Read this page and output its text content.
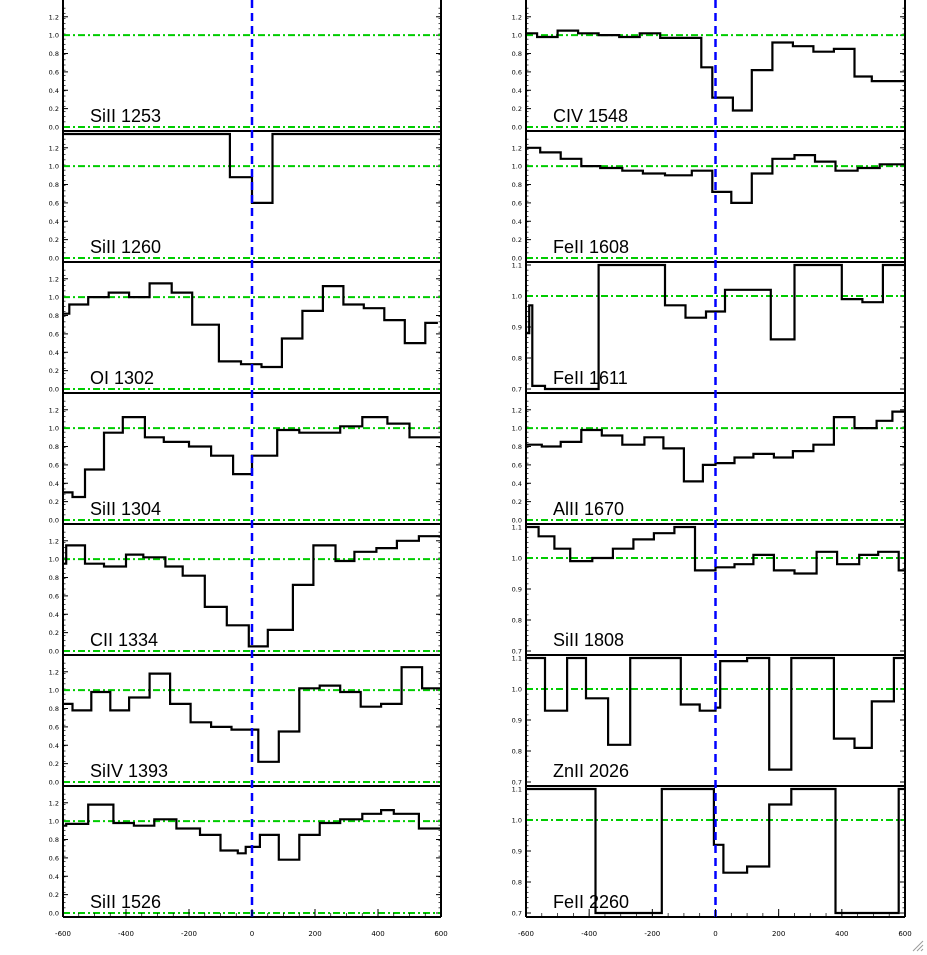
0.0
0.2
0.4
0.6
0.8
1.0
1.2
SiII 1253
0.0
0.2
0.4
0.6
0.8
1.0
1.2
SiII 1260
0.0
0.2
0.4
0.6
0.8
1.0
1.2
OI 1302
0.0
0.2
0.4
0.6
0.8
1.0
1.2
SiII 1304
0.0
0.2
0.4
0.6
0.8
1.0
1.2
CII 1334
0.0
0.2
0.4
0.6
0.8
1.0
1.2
SiIV 1393
0.0
0.2
0.4
0.6
0.8
1.0
1.2
SiII 1526
-600	-400	-200	0	200	400	600
0.0
0.2
0.4
0.6
0.8
1.0
1.2
CIV 1548
0.0
0.2
0.4
0.6
0.8
1.0
1.2
FeII 1608
0.7
0.8
0.9
1.0
1.1
FeII 1611
0.0
0.2
0.4
0.6
0.8
1.0
1.2
AlII 1670
0.7
0.8
0.9
1.0
1.1
SiII 1808
0.7
0.8
0.9
1.0
1.1
ZnII 2026
0.7
0.8
0.9
1.0
1.1
FeII 2260
-600	-400	-200	0	200	400	600
